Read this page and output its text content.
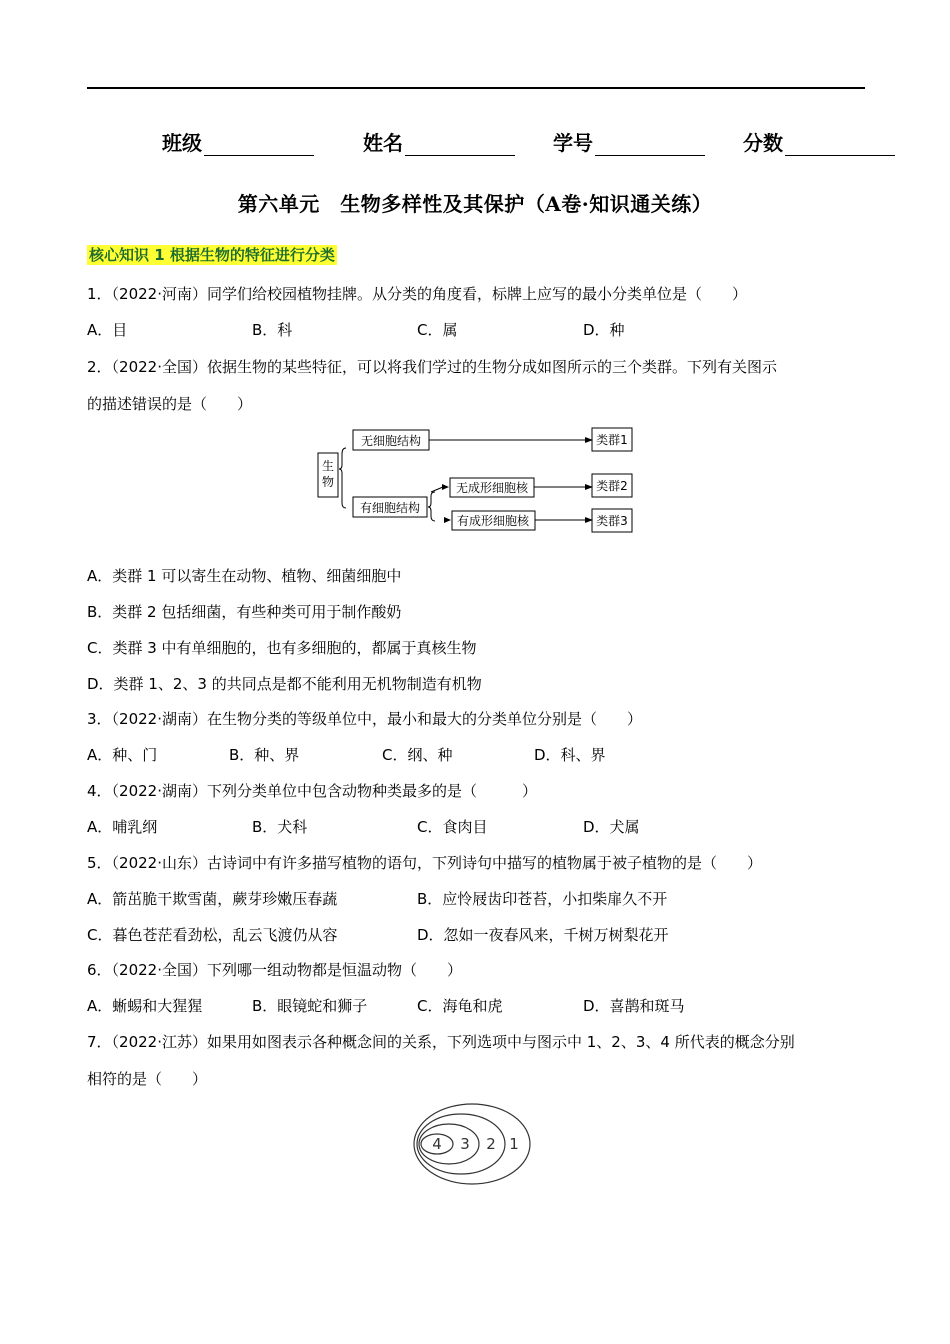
班级	姓名	学号	分数
第六单元　生物多样性及其保护（A卷·知识通关练）
核心知识 1 根据生物的特征进行分类
1．（2022·河南）同学们给校园植物挂牌。从分类的角度看，标牌上应写的最小分类单位是（　　）
A．目	B．科	C．属	D．种
2．（2022·全国）依据生物的某些特征，可以将我们学过的生物分成如图所示的三个类群。下列有关图示
的描述错误的是（　　）
生
物
无细胞结构
有细胞结构
无成形细胞核
有成形细胞核
类群1
类群2
类群3
A．类群 1 可以寄生在动物、植物、细菌细胞中
B．类群 2 包括细菌，有些种类可用于制作酸奶
C．类群 3 中有单细胞的，也有多细胞的，都属于真核生物
D．类群 1、2、3 的共同点是都不能利用无机物制造有机物
3．（2022·湖南）在生物分类的等级单位中，最小和最大的分类单位分别是（　　）
A．种、门	B．种、界	C．纲、种	D．科、界
4．（2022·湖南）下列分类单位中包含动物种类最多的是（　　　）
A．哺乳纲	B．犬科	C．食肉目	D．犬属
5．（2022·山东）古诗词中有许多描写植物的语句，下列诗句中描写的植物属于被子植物的是（　　）
A．箭茁脆干欺雪菌，蕨芽珍嫩压春蔬	B．应怜屐齿印苍苔，小扣柴扉久不开
C．暮色苍茫看劲松，乱云飞渡仍从容	D．忽如一夜春风来，千树万树梨花开
6．（2022·全国）下列哪一组动物都是恒温动物（　　）
A．蜥蜴和大猩猩	B．眼镜蛇和狮子	C．海龟和虎	D．喜鹊和斑马
7．（2022·江苏）如果用如图表示各种概念间的关系，下列选项中与图示中 1、2、3、4 所代表的概念分别
相符的是（　　）
4 3 2 1
